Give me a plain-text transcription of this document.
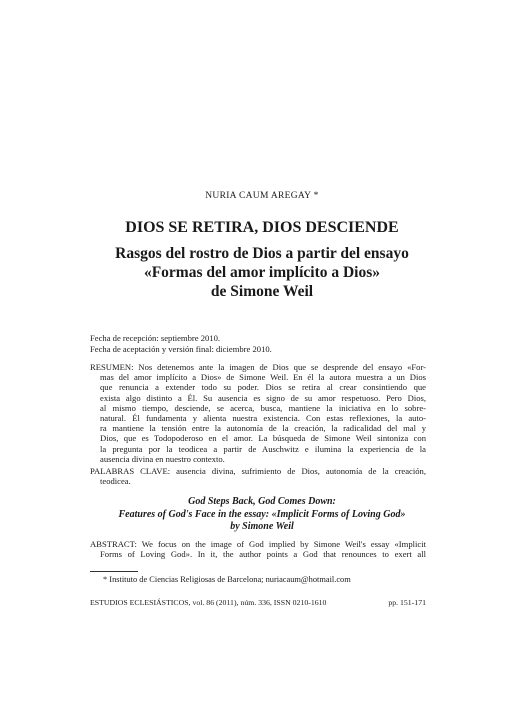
NURIA CAUM AREGAY *
DIOS SE RETIRA, DIOS DESCIENDE
Rasgos del rostro de Dios a partir del ensayo
«Formas del amor implícito a Dios»
de Simone Weil
Fecha de recepción: septiembre 2010.
Fecha de aceptación y versión final: diciembre 2010.
RESUMEN: Nos detenemos ante la imagen de Dios que se desprende del ensayo «For-
mas del amor implícito a Dios» de Simone Weil. En él la autora muestra a un Dios
que renuncia a extender todo su poder. Dios se retira al crear consintiendo que
exista algo distinto a Él. Su ausencia es signo de su amor respetuoso. Pero Dios,
al mismo tiempo, desciende, se acerca, busca, mantiene la iniciativa en lo sobre-
natural. Él fundamenta y alienta nuestra existencia. Con estas reflexiones, la auto-
ra mantiene la tensión entre la autonomía de la creación, la radicalidad del mal y
Dios, que es Todopoderoso en el amor. La búsqueda de Simone Weil sintoniza con
la pregunta por la teodicea a partir de Auschwitz e ilumina la experiencia de la
ausencia divina en nuestro contexto.
PALABRAS CLAVE: ausencia divina, sufrimiento de Dios, autonomía de la creación,
teodicea.
God Steps Back, God Comes Down:
Features of God's Face in the essay: «Implicit Forms of Loving God»
by Simone Weil
ABSTRACT: We focus on the image of God implied by Simone Weil's essay «Implicit
Forms of Loving God». In it, the author points a God that renounces to exert all
* Instituto de Ciencias Religiosas de Barcelona; nuriacaum@hotmail.com
ESTUDIOS ECLESIÁSTICOS, vol. 86 (2011), núm. 336, ISSN 0210-1610	pp. 151-171
